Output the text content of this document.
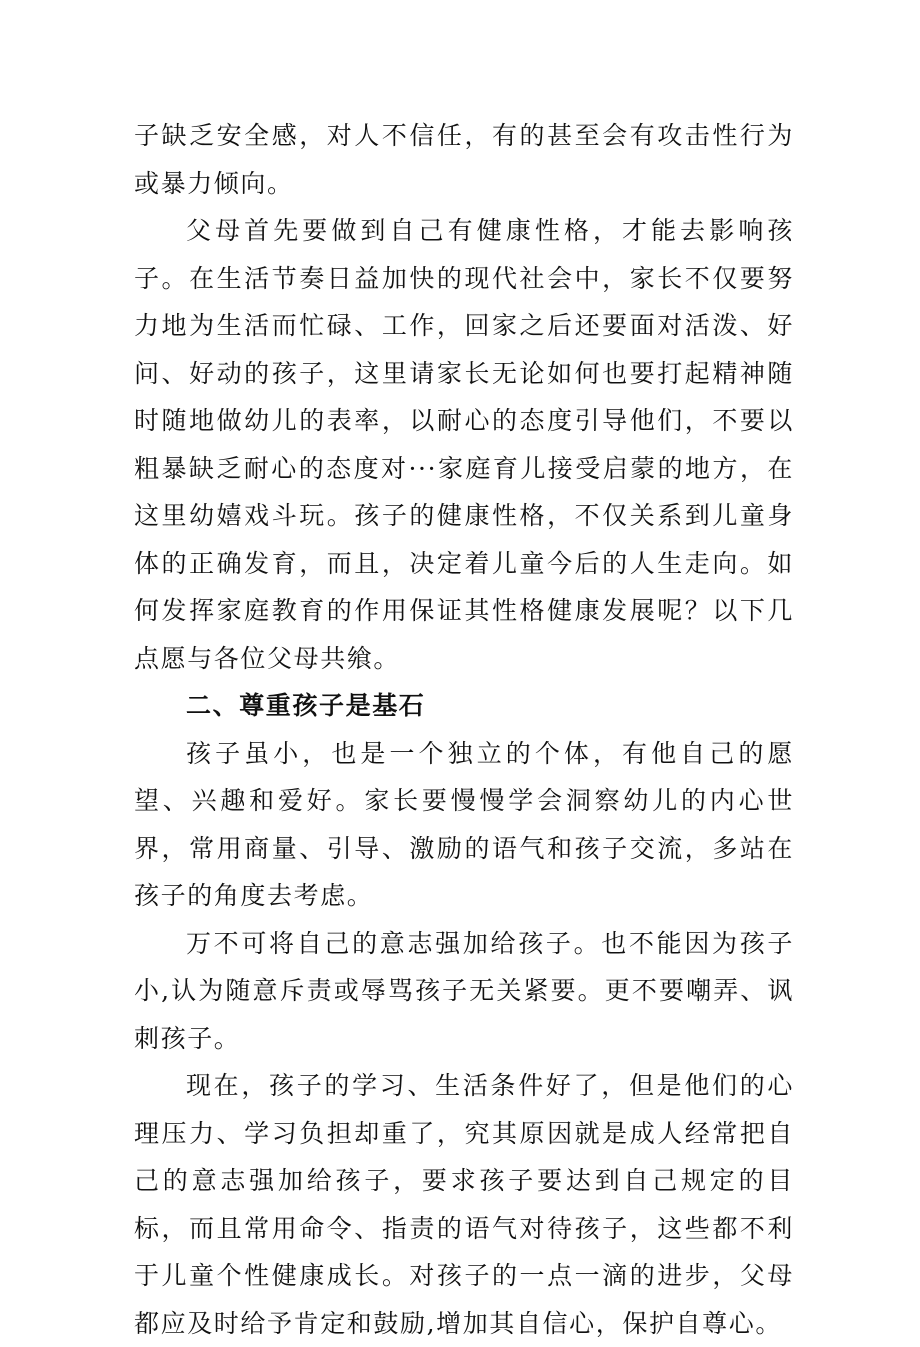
子缺乏安全感，对人不信任，有的甚至会有攻击性行为或暴力倾向。

父母首先要做到自己有健康性格，才能去影响孩子。在生活节奏日益加快的现代社会中，家长不仅要努力地为生活而忙碌、工作，回家之后还要面对活泼、好问、好动的孩子，这里请家长无论如何也要打起精神随时随地做幼儿的表率，以耐心的态度引导他们，不要以粗暴缺乏耐心的态度对···家庭育儿接受启蒙的地方，在这里幼嬉戏斗玩。孩子的健康性格，不仅关系到儿童身体的正确发育，而且，决定着儿童今后的人生走向。如何发挥家庭教育的作用保证其性格健康发展呢？以下几点愿与各位父母共飨。

二、尊重孩子是基石

孩子虽小，也是一个独立的个体，有他自己的愿望、兴趣和爱好。家长要慢慢学会洞察幼儿的内心世界，常用商量、引导、激励的语气和孩子交流，多站在孩子的角度去考虑。

万不可将自己的意志强加给孩子。也不能因为孩子小,认为随意斥责或辱骂孩子无关紧要。更不要嘲弄、讽刺孩子。

现在，孩子的学习、生活条件好了，但是他们的心理压力、学习负担却重了，究其原因就是成人经常把自己的意志强加给孩子，要求孩子要达到自己规定的目标，而且常用命令、指责的语气对待孩子，这些都不利于儿童个性健康成长。对孩子的一点一滴的进步，父母都应及时给予肯定和鼓励,增加其自信心，保护自尊心。
